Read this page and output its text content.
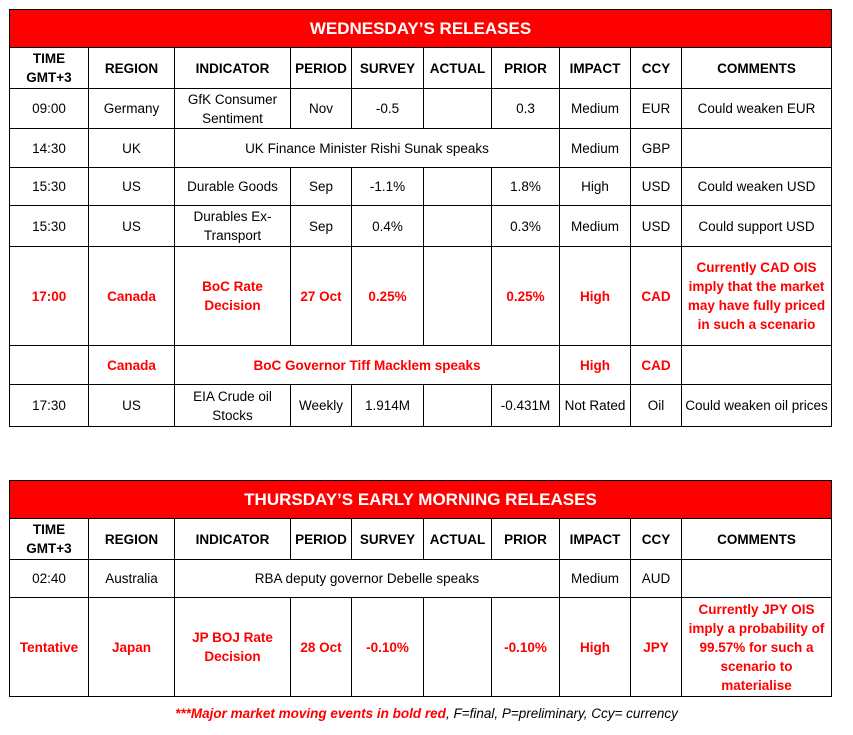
WEDNESDAY’S RELEASES									
TIME
GMT+3	REGION	INDICATOR	PERIOD	SURVEY	ACTUAL	PRIOR	IMPACT	CCY	COMMENTS
09:00	Germany	GfK Consumer Sentiment	Nov	-0.5		0.3	Medium	EUR	Could weaken EUR
14:30	UK	UK Finance Minister Rishi Sunak speaks					Medium	GBP	
15:30	US	Durable Goods	Sep	-1.1%		1.8%	High	USD	Could weaken USD
15:30	US	Durables Ex-Transport	Sep	0.4%		0.3%	Medium	USD	Could support USD
17:00	Canada	BoC Rate Decision	27 Oct	0.25%		0.25%	High	CAD	Currently CAD OIS imply that the market may have fully priced in such a scenario
	Canada	BoC Governor Tiff Macklem speaks					High	CAD	
17:30	US	EIA Crude oil Stocks	Weekly	1.914M		-0.431M	Not Rated	Oil	Could weaken oil prices
THURSDAY’S EARLY MORNING RELEASES									
TIME
GMT+3	REGION	INDICATOR	PERIOD	SURVEY	ACTUAL	PRIOR	IMPACT	CCY	COMMENTS
02:40	Australia	RBA deputy governor Debelle speaks					Medium	AUD	
Tentative	Japan	JP BOJ Rate Decision	28 Oct	-0.10%		-0.10%	High	JPY	Currently JPY OIS imply a probability of 99.57% for such a scenario to materialise
***Major market moving events in bold red, F=final, P=preliminary, Ccy= currency
